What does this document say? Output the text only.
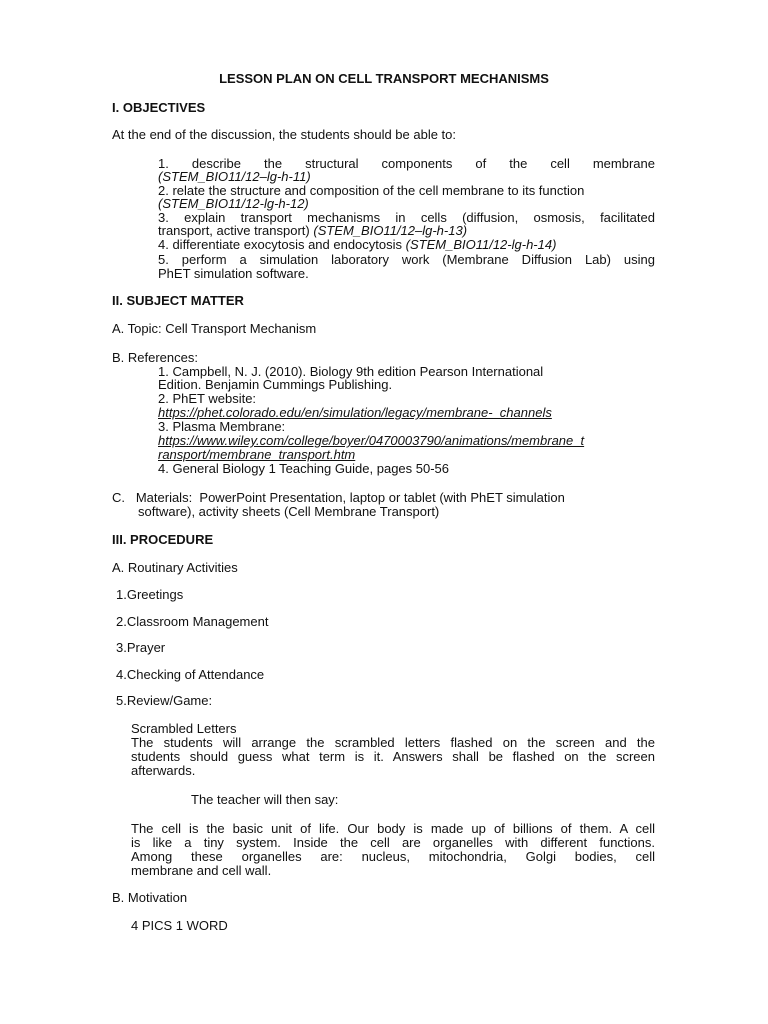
LESSON PLAN ON CELL TRANSPORT MECHANISMS
I. OBJECTIVES
At the end of the discussion, the students should be able to:
1. describe the structural components of the cell membrane
(STEM_BIO11/12–lg-h-11)
2. relate the structure and composition of the cell membrane to its function
(STEM_BIO11/12-lg-h-12)
3. explain transport mechanisms in cells (diffusion, osmosis, facilitated
transport, active transport) (STEM_BIO11/12–lg-h-13)
4. differentiate exocytosis and endocytosis (STEM_BIO11/12-lg-h-14)
5. perform a simulation laboratory work (Membrane Diffusion Lab) using
PhET simulation software.
II. SUBJECT MATTER
A. Topic: Cell Transport Mechanism
B. References:
1. Campbell, N. J. (2010). Biology 9th edition Pearson International
Edition. Benjamin Cummings Publishing.
2. PhET website:
https://phet.colorado.edu/en/simulation/legacy/membrane-  channels
3. Plasma Membrane:
https://www.wiley.com/college/boyer/0470003790/animations/membrane_t
ransport/membrane_transport.htm
4. General Biology 1 Teaching Guide, pages 50-56
C.   Materials:  PowerPoint Presentation, laptop or tablet (with PhET simulation
software), activity sheets (Cell Membrane Transport)
III. PROCEDURE
A. Routinary Activities
1.Greetings
2.Classroom Management
3.Prayer
4.Checking of Attendance
5.Review/Game:
Scrambled Letters
The students will arrange the scrambled letters flashed on the screen and the
students should guess what term is it. Answers shall be flashed on the screen
afterwards.
The teacher will then say:
The cell is the basic unit of life. Our body is made up of billions of them. A cell
is like a tiny system. Inside the cell are organelles with different functions.
Among these organelles are: nucleus, mitochondria, Golgi bodies, cell
membrane and cell wall.
B. Motivation
4 PICS 1 WORD
